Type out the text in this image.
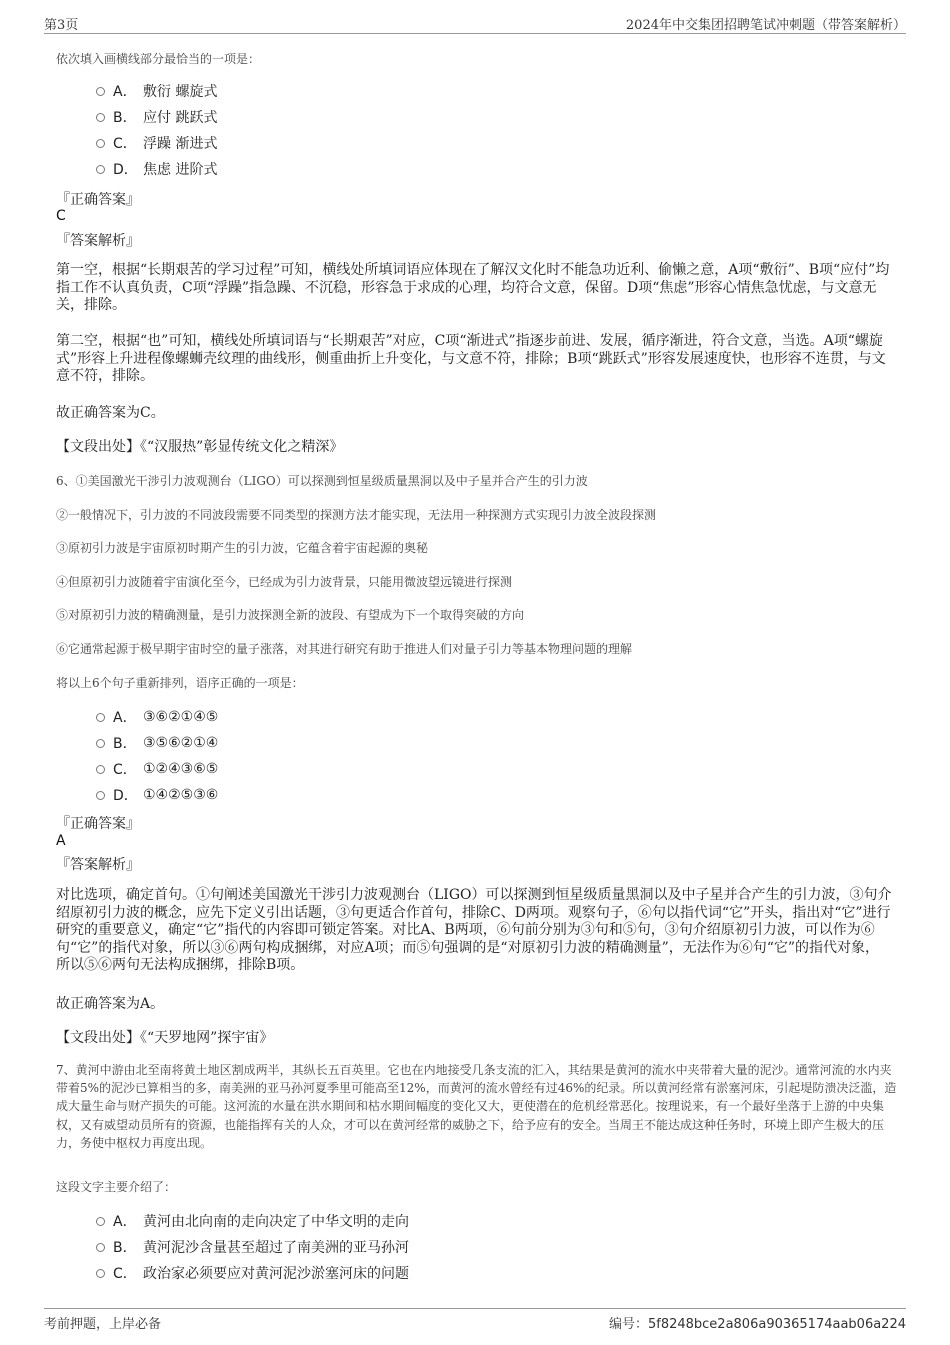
第3页	2024年中交集团招聘笔试冲刺题（带答案解析）
依次填入画横线部分最恰当的一项是：
A． 敷衍 螺旋式
B． 应付 跳跃式
C． 浮躁 渐进式
D． 焦虑 进阶式
『正确答案』
C
『答案解析』
第一空，根据“长期艰苦的学习过程”可知，横线处所填词语应体现在了解汉文化时不能急功近利、偷懒之意，A项“敷衍”、B项“应付”均指工作不认真负责，C项“浮躁”指急躁、不沉稳，形容急于求成的心理，均符合文意，保留。D项“焦虑”形容心情焦急忧虑，与文意无关，排除。
第二空，根据“也”可知，横线处所填词语与“长期艰苦”对应，C项“渐进式”指逐步前进、发展，循序渐进，符合文意，当选。A项“螺旋式”形容上升进程像螺蛳壳纹理的曲线形，侧重曲折上升变化，与文意不符，排除；B项“跳跃式”形容发展速度快，也形容不连贯，与文意不符，排除。
故正确答案为C。
【文段出处】《“汉服热”彰显传统文化之精深》
6、①美国激光干涉引力波观测台（LIGO）可以探测到恒星级质量黑洞以及中子星并合产生的引力波
②一般情况下，引力波的不同波段需要不同类型的探测方法才能实现，无法用一种探测方式实现引力波全波段探测
③原初引力波是宇宙原初时期产生的引力波，它蕴含着宇宙起源的奥秘
④但原初引力波随着宇宙演化至今，已经成为引力波背景，只能用微波望远镜进行探测
⑤对原初引力波的精确测量，是引力波探测全新的波段、有望成为下一个取得突破的方向
⑥它通常起源于极早期宇宙时空的量子涨落，对其进行研究有助于推进人们对量子引力等基本物理问题的理解
将以上6个句子重新排列，语序正确的一项是：
A． ③⑥②①④⑤
B． ③⑤⑥②①④
C． ①②④③⑥⑤
D． ①④②⑤③⑥
『正确答案』
A
『答案解析』
对比选项，确定首句。①句阐述美国激光干涉引力波观测台（LIGO）可以探测到恒星级质量黑洞以及中子星并合产生的引力波，③句介绍原初引力波的概念，应先下定义引出话题，③句更适合作首句，排除C、D两项。观察句子，⑥句以指代词“它”开头，指出对“它”进行研究的重要意义，确定“它”指代的内容即可锁定答案。对比A、B两项，⑥句前分别为③句和⑤句，③句介绍原初引力波，可以作为⑥句“它”的指代对象，所以③⑥两句构成捆绑，对应A项；而⑤句强调的是“对原初引力波的精确测量”，无法作为⑥句“它”的指代对象，所以⑤⑥两句无法构成捆绑，排除B项。
故正确答案为A。
【文段出处】《“天罗地网”探宇宙》
7、黄河中游由北至南将黄土地区割成两半，其纵长五百英里。它也在内地接受几条支流的汇入，其结果是黄河的流水中夹带着大量的泥沙。通常河流的水内夹带着5%的泥沙已算相当的多，南美洲的亚马孙河夏季里可能高至12%，而黄河的流水曾经有过46%的纪录。所以黄河经常有淤塞河床，引起堤防溃决泛滥，造成大量生命与财产损失的可能。这河流的水量在洪水期间和枯水期间幅度的变化又大，更使潜在的危机经常恶化。按理说来，有一个最好坐落于上游的中央集权，又有威望动员所有的资源，也能指挥有关的人众，才可以在黄河经常的威胁之下，给予应有的安全。当周王不能达成这种任务时，环境上即产生极大的压力，务使中枢权力再度出现。
这段文字主要介绍了：
A． 黄河由北向南的走向决定了中华文明的走向
B． 黄河泥沙含量甚至超过了南美洲的亚马孙河
C． 政治家必须要应对黄河泥沙淤塞河床的问题
考前押题，上岸必备	编号：5f8248bce2a806a90365174aab06a224
